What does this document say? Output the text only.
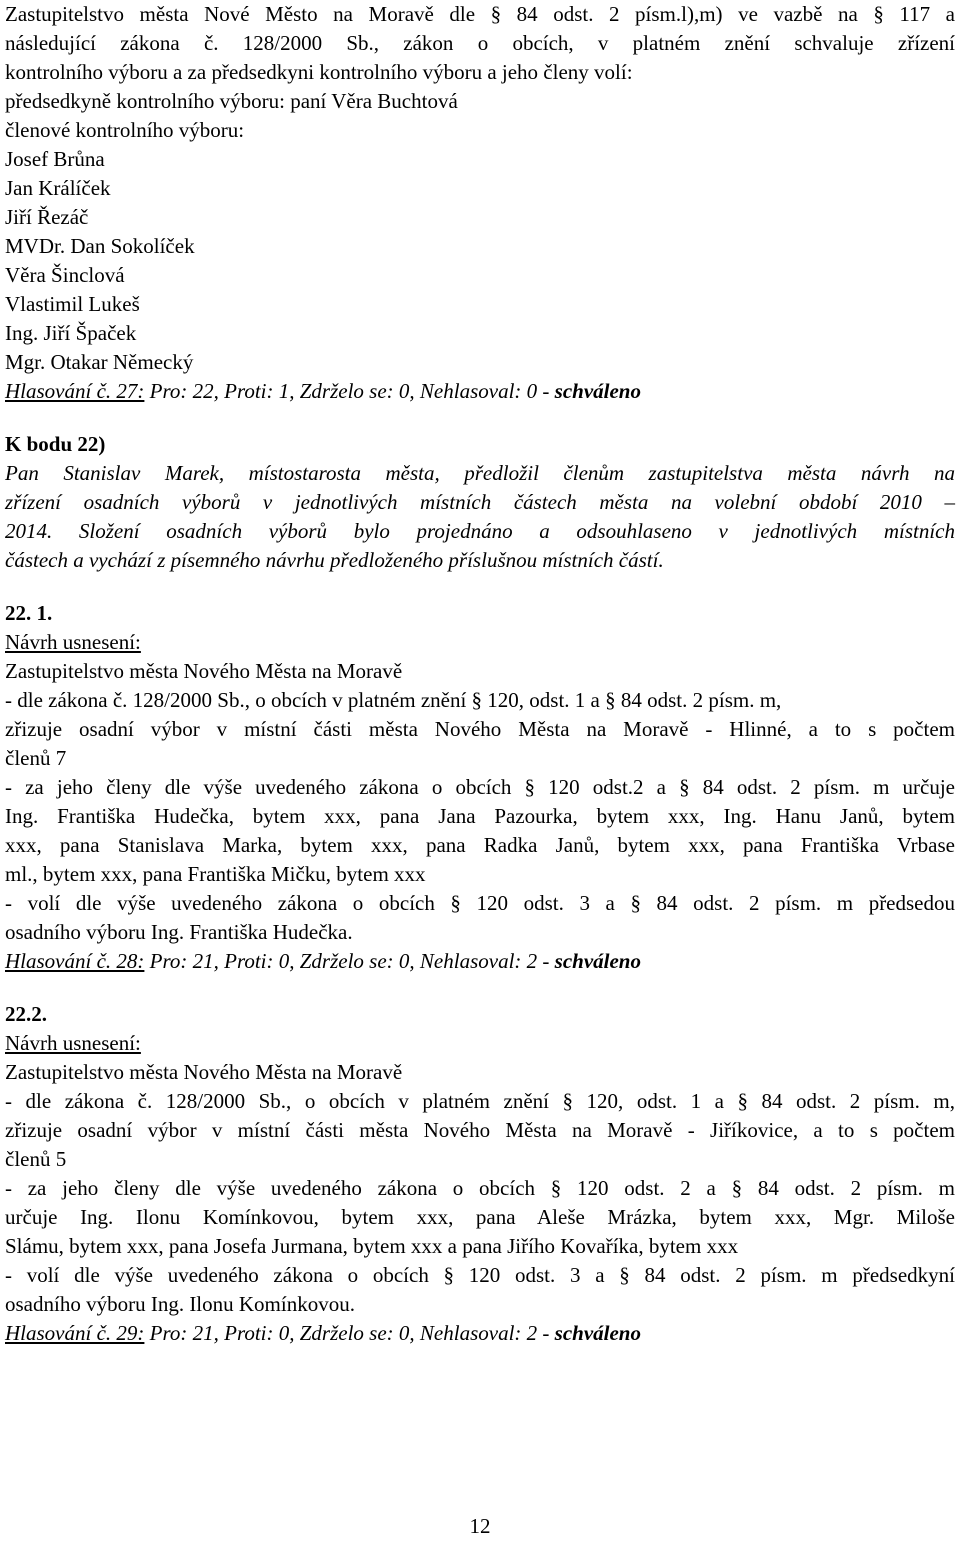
Zastupitelstvo města Nové Město na Moravě dle § 84 odst. 2 písm.l),m) ve vazbě na § 117 a
následující zákona č. 128/2000 Sb., zákon o obcích, v platném znění schvaluje zřízení
kontrolního výboru a za předsedkyni kontrolního výboru a jeho členy volí:
předsedkyně kontrolního výboru: paní Věra Buchtová
členové kontrolního výboru:
Josef Brůna
Jan Králíček
Jiří Řezáč
MVDr. Dan Sokolíček
Věra Šinclová
Vlastimil Lukeš
Ing. Jiří Špaček
Mgr. Otakar Německý
Hlasování č. 27: Pro: 22, Proti: 1, Zdrželo se: 0, Nehlasoval: 0 - schváleno
K bodu 22)
Pan Stanislav Marek, místostarosta města, předložil členům zastupitelstva města návrh na
zřízení osadních výborů v jednotlivých místních částech města na volební období 2010 –
2014. Složení osadních výborů bylo projednáno a odsouhlaseno v jednotlivých místních
částech a vychází z písemného návrhu předloženého příslušnou místních částí.
22. 1.
Návrh usnesení:
Zastupitelstvo města Nového Města na Moravě
- dle zákona č. 128/2000 Sb., o obcích v platném znění § 120, odst. 1 a § 84 odst. 2 písm. m,
zřizuje osadní výbor v místní části města Nového Města na Moravě - Hlinné, a to s počtem
členů 7
- za jeho členy dle výše uvedeného zákona o obcích § 120 odst.2 a § 84 odst. 2 písm. m určuje
Ing. Františka Hudečka, bytem xxx, pana Jana Pazourka, bytem xxx, Ing. Hanu Janů, bytem
xxx, pana Stanislava Marka, bytem xxx, pana Radka Janů, bytem xxx, pana Františka Vrbase
ml., bytem xxx, pana Františka Mičku, bytem xxx
- volí dle výše uvedeného zákona o obcích § 120 odst. 3 a § 84 odst. 2 písm. m předsedou
osadního výboru Ing. Františka Hudečka.
Hlasování č. 28: Pro: 21, Proti: 0, Zdrželo se: 0, Nehlasoval: 2 - schváleno
22.2.
Návrh usnesení:
Zastupitelstvo města Nového Města na Moravě
- dle zákona č. 128/2000 Sb., o obcích v platném znění § 120, odst. 1 a § 84 odst. 2 písm. m,
zřizuje osadní výbor v místní části města Nového Města na Moravě - Jiříkovice, a to s počtem
členů 5
- za jeho členy dle výše uvedeného zákona o obcích § 120 odst. 2 a § 84 odst. 2 písm. m
určuje Ing. Ilonu Komínkovou, bytem xxx, pana Aleše Mrázka, bytem xxx, Mgr. Miloše
Slámu, bytem xxx, pana Josefa Jurmana, bytem xxx a pana Jiřího Kovaříka, bytem xxx
- volí dle výše uvedeného zákona o obcích § 120 odst. 3 a § 84 odst. 2 písm. m předsedkyní
osadního výboru Ing. Ilonu Komínkovou.
Hlasování č. 29: Pro: 21, Proti: 0, Zdrželo se: 0, Nehlasoval: 2 - schváleno
12
